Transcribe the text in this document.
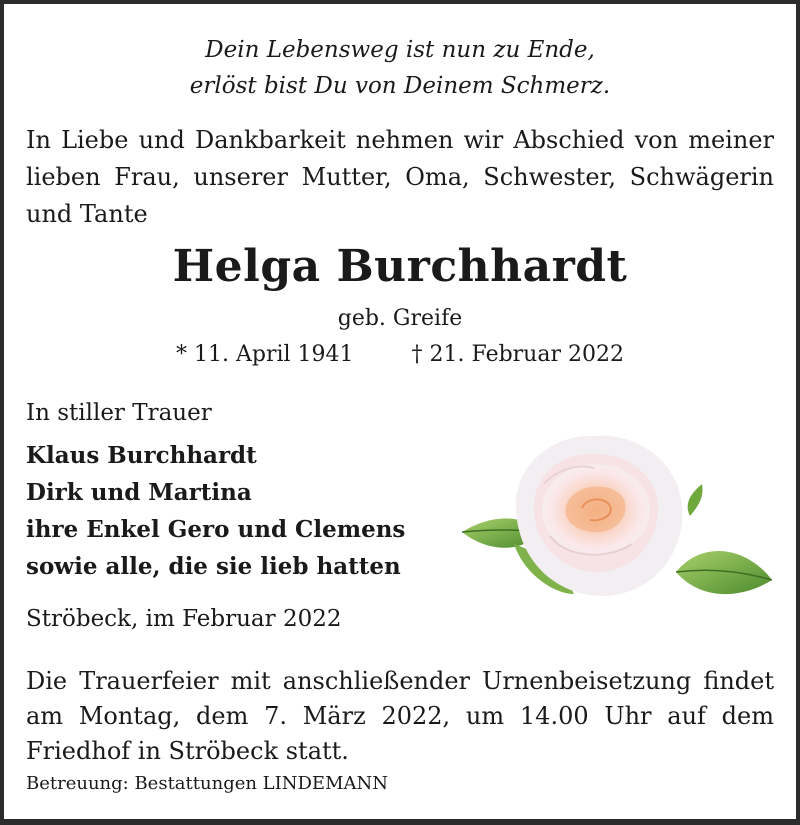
Dein Lebensweg ist nun zu Ende,
erlöst bist Du von Deinem Schmerz.
In Liebe und Dankbarkeit nehmen wir Abschied von meiner lieben Frau, unserer Mutter, Oma, Schwester, Schwägerin und Tante
Helga Burchhardt
geb. Greife
* 11. April 1941	† 21. Februar 2022
In stiller Trauer
Klaus Burchhardt
Dirk und Martina
ihre Enkel Gero und Clemens
sowie alle, die sie lieb hatten
Ströbeck, im Februar 2022
Die Trauerfeier mit anschließender Urnenbeisetzung findet am Montag, dem 7. März 2022, um 14.00 Uhr auf dem Friedhof in Ströbeck statt.
Betreuung: Bestattungen LINDEMANN
